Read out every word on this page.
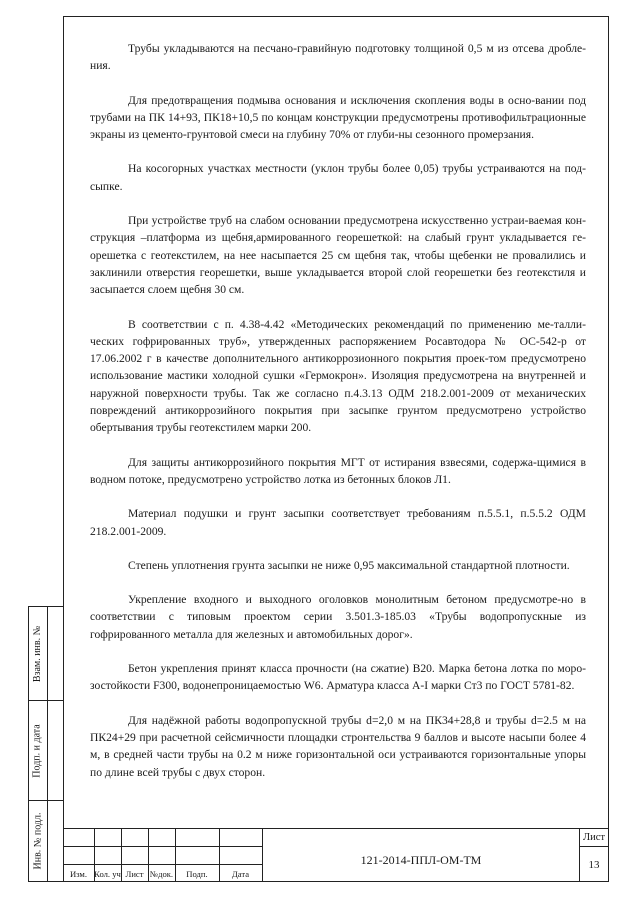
Трубы укладываются на песчано-гравийную подготовку толщиной 0,5 м из отсева дробле-ния.

Для предотвращения подмыва основания и исключения скопления воды в осно-вании под трубами на ПК 14+93, ПК18+10,5 по концам конструкции предусмотрены противофильтрационные экраны из цементо-грунтовой смеси на глубину 70% от глуби-ны сезонного промерзания.

На косогорных участках местности (уклон трубы более 0,05) трубы устраиваются на под-сыпке.

При устройстве труб на слабом основании предусмотрена искусственно устраи-ваемая кон-струкция –платформа из щебня,армированного георешеткой: на слабый грунт укладывается ге-орешетка с геотекстилем, на нее насыпается 25 см щебня так, чтобы щебенки не провалились и заклинили отверстия георешетки, выше укладывается второй слой георешетки без геотекстиля и засыпается слоем щебня 30 см.

В соответствии с п. 4.38-4.42 «Методических рекомендаций по применению ме-талли-ческих гофрированных труб», утвержденных распоряжением Росавтодора № ОС-542-р от 17.06.2002 г в качестве дополнительного антикоррозионного покрытия проек-том предусмотрено использование мастики холодной сушки «Гермокрон». Изоляция предусмотрена на внутренней и наружной поверхности трубы. Так же согласно п.4.3.13 ОДМ 218.2.001-2009 от механических повреждений антикоррозийного покрытия при засыпке грунтом предусмотрено устройство обертывания трубы геотекстилем марки 200.

Для защиты антикоррозийного покрытия МГТ от истирания взвесями, содержа-щимися в водном потоке, предусмотрено устройство лотка из бетонных блоков Л1.

Материал подушки и грунт засыпки соответствует требованиям п.5.5.1, п.5.5.2 ОДМ 218.2.001-2009.

Степень уплотнения грунта засыпки не ниже 0,95 максимальной стандартной плотности.

Укрепление входного и выходного оголовков монолитным бетоном предусмотре-но в соответствии с типовым проектом серии 3.501.3-185.03 «Трубы водопропускные из гофрированного металла для железных и автомобильных дорог».

Бетон укрепления принят класса прочности (на сжатие) В20. Марка бетона лотка по моро-зостойкости F300, водонепроницаемостью W6. Арматура класса А-I марки Ст3 по ГОСТ 5781-82.

Для надёжной работы водопропускной трубы d=2,0 м на ПК34+28,8 и трубы d=2.5 м на ПК24+29 при расчетной сейсмичности площадки стронтельства 9 баллов и высоте насыпи более 4 м, в средней части трубы на 0.2 м ниже горизонтальной оси устраиваются горизонтальные упоры по длине всей трубы с двух сторон.

Взам. инв. №
Подп. и дата
Инв. № подл.
Изм. Кол. уч Лист №док.	Подп.	Дата
121-2014-ППЛ-ОМ-ТМ
Лист
13
